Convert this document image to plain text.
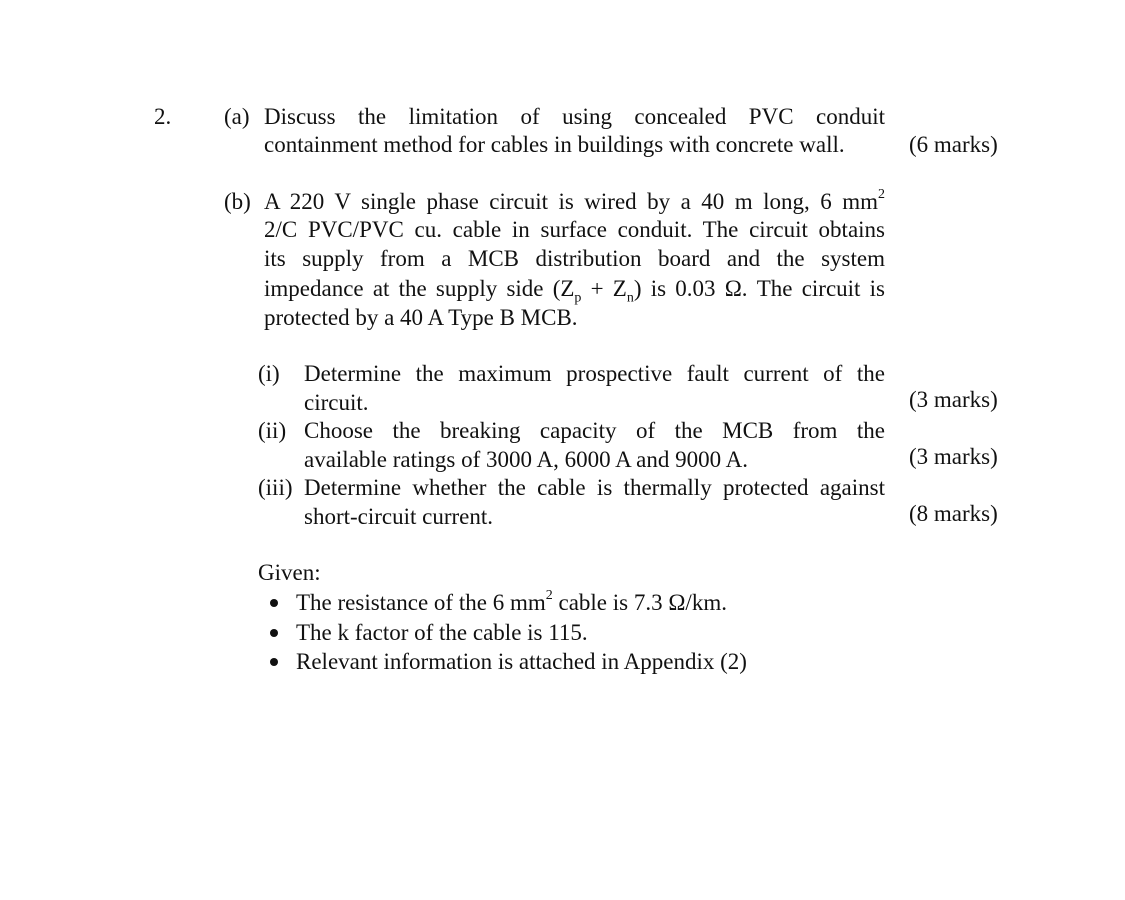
2. (a) Discuss the limitation of using concealed PVC conduit
containment method for cables in buildings with concrete wall.	(6 marks)
(b) A 220 V single phase circuit is wired by a 40 m long, 6 $mm^2$
2/C PVC/PVC cu. cable in surface conduit. The circuit obtains
its supply from a MCB distribution board and the system
impedance at the supply side $(Z_p + Z_n)$ is 0.03 Ω. The circuit is
protected by a 40 A Type B MCB.
(i) Determine the maximum prospective fault current of the
circuit.	(3 marks)
(ii) Choose the breaking capacity of the MCB from the
available ratings of 3000 A, 6000 A and 9000 A.	(3 marks)
(iii) Determine whether the cable is thermally protected against
short-circuit current.	(8 marks)
Given:
The resistance of the 6 $mm^2$ cable is 7.3 Ω/km.
The k factor of the cable is 115.
Relevant information is attached in Appendix (2)
